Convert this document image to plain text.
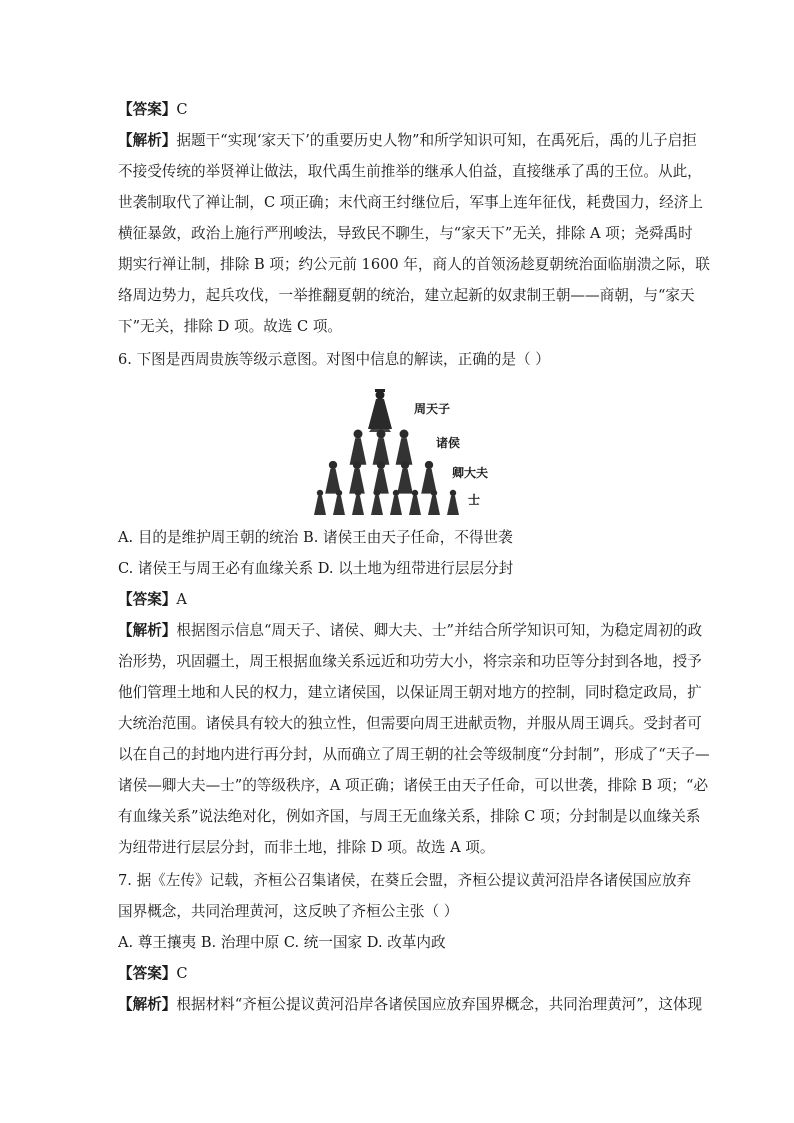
【答案】C
【解析】据题干“实现‘家天下’的重要历史人物”和所学知识可知，在禹死后，禹的儿子启拒
不接受传统的举贤禅让做法，取代禹生前推举的继承人伯益，直接继承了禹的王位。从此，
世袭制取代了禅让制，C 项正确；末代商王纣继位后，军事上连年征伐，耗费国力，经济上
横征暴敛，政治上施行严刑峻法，导致民不聊生，与“家天下”无关，排除 A 项；尧舜禹时
期实行禅让制，排除 B 项；约公元前 1600 年，商人的首领汤趁夏朝统治面临崩溃之际，联
络周边势力，起兵攻伐，一举推翻夏朝的统治，建立起新的奴隶制王朝——商朝，与“家天
下”无关，排除 D 项。故选 C 项。
6. 下图是西周贵族等级示意图。对图中信息的解读，正确的是（ ）
周天子
诸侯
卿大夫
士
A. 目的是维护周王朝的统治 B. 诸侯王由天子任命，不得世袭
C. 诸侯王与周王必有血缘关系 D. 以土地为纽带进行层层分封
【答案】A
【解析】根据图示信息“周天子、诸侯、卿大夫、士”并结合所学知识可知，为稳定周初的政
治形势，巩固疆土，周王根据血缘关系远近和功劳大小，将宗亲和功臣等分封到各地，授予
他们管理土地和人民的权力，建立诸侯国，以保证周王朝对地方的控制，同时稳定政局，扩
大统治范围。诸侯具有较大的独立性，但需要向周王进献贡物，并服从周王调兵。受封者可
以在自己的封地内进行再分封，从而确立了周王朝的社会等级制度“分封制”，形成了“天子—
诸侯—卿大夫—士”的等级秩序，A 项正确；诸侯王由天子任命，可以世袭，排除 B 项；“必
有血缘关系”说法绝对化，例如齐国，与周王无血缘关系，排除 C 项；分封制是以血缘关系
为纽带进行层层分封，而非土地，排除 D 项。故选 A 项。
7. 据《左传》记载，齐桓公召集诸侯，在葵丘会盟，齐桓公提议黄河沿岸各诸侯国应放弃
国界概念，共同治理黄河，这反映了齐桓公主张（ ）
A. 尊王攘夷 B. 治理中原 C. 统一国家 D. 改革内政
【答案】C
【解析】根据材料“齐桓公提议黄河沿岸各诸侯国应放弃国界概念，共同治理黄河”，这体现
